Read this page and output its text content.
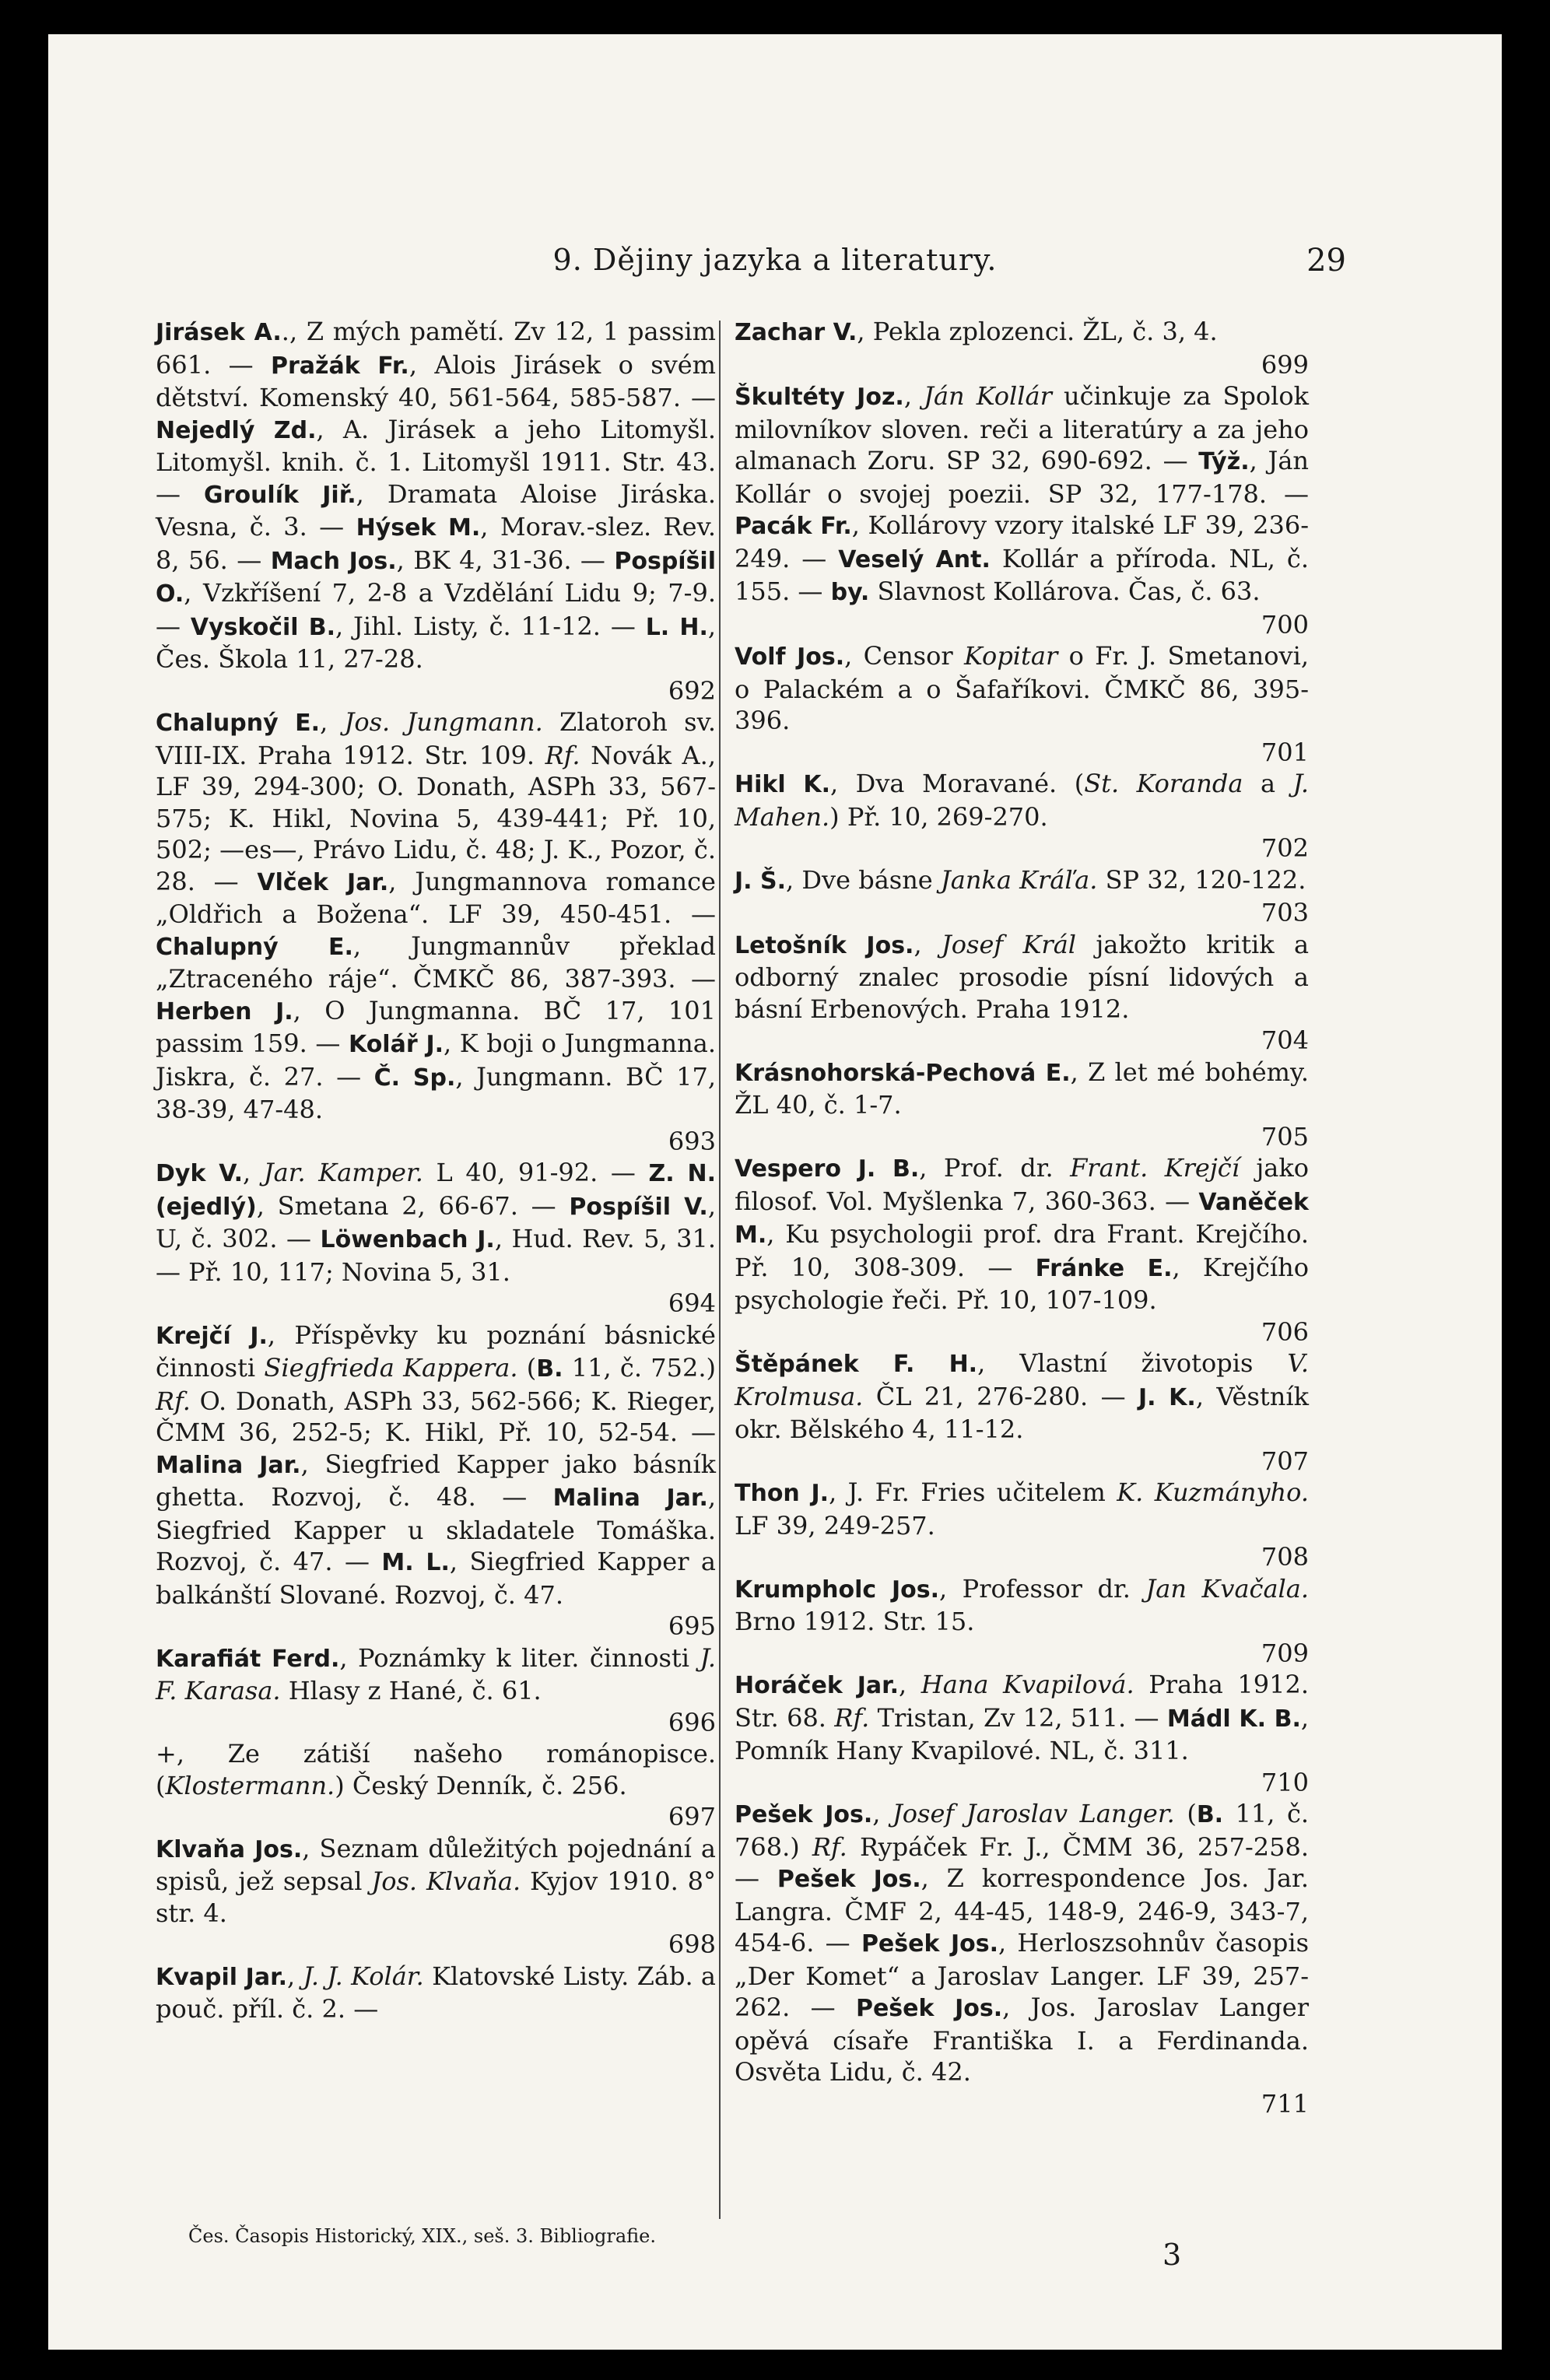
9. Dějiny jazyka a literatury.	29

Jirásek A.., Z mých pamětí. Zv 12, 1 passim 661. — Pražák Fr., Alois Jirásek o svém dětství. Komenský 40, 561-564, 585-587. — Nejedlý Zd., A. Jirásek a jeho Litomyšl. Litomyšl. knih. č. 1. Litomyšl 1911. Str. 43. — Groulík Jiř., Dramata Aloise Jiráska. Vesna, č. 3. — Hýsek M., Morav.-slez. Rev. 8, 56. — Mach Jos., BK 4, 31-36. — Pospíšil O., Vzkříšení 7, 2-8 a Vzdělání Lidu 9; 7-9. — Vyskočil B., Jihl. Listy, č. 11-12. — L. H., Čes. Škola 11, 27-28.
692

Chalupný E., Jos. Jungmann. Zlatoroh sv. VIII-IX. Praha 1912. Str. 109. Rf. Novák A., LF 39, 294-300; O. Donath, ASPh 33, 567-575; K. Hikl, Novina 5, 439-441; Př. 10, 502; —es—, Právo Lidu, č. 48; J. K., Pozor, č. 28. — Vlček Jar., Jungmannova romance „Oldřich a Božena“. LF 39, 450-451. — Chalupný E., Jungmannův překlad „Ztraceného ráje“. ČMKČ 86, 387-393. — Herben J., O Jungmanna. BČ 17, 101 passim 159. — Kolář J., K boji o Jungmanna. Jiskra, č. 27. — Č. Sp., Jungmann. BČ 17, 38-39, 47-48.
693

Dyk V., Jar. Kamper. L 40, 91-92. — Z. N.(ejedlý), Smetana 2, 66-67. — Pospíšil V., U, č. 302. — Löwenbach J., Hud. Rev. 5, 31. — Př. 10, 117; Novina 5, 31.
694

Krejčí J., Příspěvky ku poznání básnické činnosti Siegfrieda Kappera. (B. 11, č. 752.) Rf. O. Donath, ASPh 33, 562-566; K. Rieger, ČMM 36, 252-5; K. Hikl, Př. 10, 52-54. — Malina Jar., Siegfried Kapper jako básník ghetta. Rozvoj, č. 48. — Malina Jar., Siegfried Kapper u skladatele Tomáška. Rozvoj, č. 47. — M. L., Siegfried Kapper a balkánští Slované. Rozvoj, č. 47.
695

Karafiát Ferd., Poznámky k liter. činnosti J. F. Karasa. Hlasy z Hané, č. 61.
696

+, Ze zátiší našeho románopisce. (Klostermann.) Český Denník, č. 256.
697

Klvaňa Jos., Seznam důležitých pojednání a spisů, jež sepsal Jos. Klvaňa. Kyjov 1910. 8° str. 4.
698

Kvapil Jar., J. J. Kolár. Klatovské Listy. Záb. a pouč. příl. č. 2. —

Zachar V., Pekla zplozenci. ŽL, č. 3, 4.
699

Škultéty Joz., Ján Kollár učinkuje za Spolok milovníkov sloven. reči a literatúry a za jeho almanach Zoru. SP 32, 690-692. — Týž., Ján Kollár o svojej poezii. SP 32, 177-178. — Pacák Fr., Kollárovy vzory italské LF 39, 236-249. — Veselý Ant. Kollár a příroda. NL, č. 155. — by. Slavnost Kollárova. Čas, č. 63.
700

Volf Jos., Censor Kopitar o Fr. J. Smetanovi, o Palackém a o Šafaříkovi. ČMKČ 86, 395-396.
701

Hikl K., Dva Moravané. (St. Koranda a J. Mahen.) Př. 10, 269-270.
702

J. Š., Dve básne Janka Kráľa. SP 32, 120-122.
703

Letošník Jos., Josef Král jakožto kritik a odborný znalec prosodie písní lidových a básní Erbenových. Praha 1912.
704

Krásnohorská-Pechová E., Z let mé bohémy. ŽL 40, č. 1-7.
705

Vespero J. B., Prof. dr. Frant. Krejčí jako filosof. Vol. Myšlenka 7, 360-363. — Vaněček M., Ku psychologii prof. dra Frant. Krejčího. Př. 10, 308-309. — Fránke E., Krejčího psychologie řeči. Př. 10, 107-109.
706

Štěpánek F. H., Vlastní životopis V. Krolmusa. ČL 21, 276-280. — J. K., Věstník okr. Bělského 4, 11-12.
707

Thon J., J. Fr. Fries učitelem K. Kuzmányho. LF 39, 249-257.
708

Krumpholc Jos., Professor dr. Jan Kvačala. Brno 1912. Str. 15.
709

Horáček Jar., Hana Kvapilová. Praha 1912. Str. 68. Rf. Tristan, Zv 12, 511. — Mádl K. B., Pomník Hany Kvapilové. NL, č. 311.
710

Pešek Jos., Josef Jaroslav Langer. (B. 11, č. 768.) Rf. Rypáček Fr. J., ČMM 36, 257-258. — Pešek Jos., Z korrespondence Jos. Jar. Langra. ČMF 2, 44-45, 148-9, 246-9, 343-7, 454-6. — Pešek Jos., Herloszsohnův časopis „Der Komet“ a Jaroslav Langer. LF 39, 257-262. — Pešek Jos., Jos. Jaroslav Langer opěvá císaře Františka I. a Ferdinanda. Osvěta Lidu, č. 42.
711

Čes. Časopis Historický, XIX., seš. 3. Bibliografie.
3
